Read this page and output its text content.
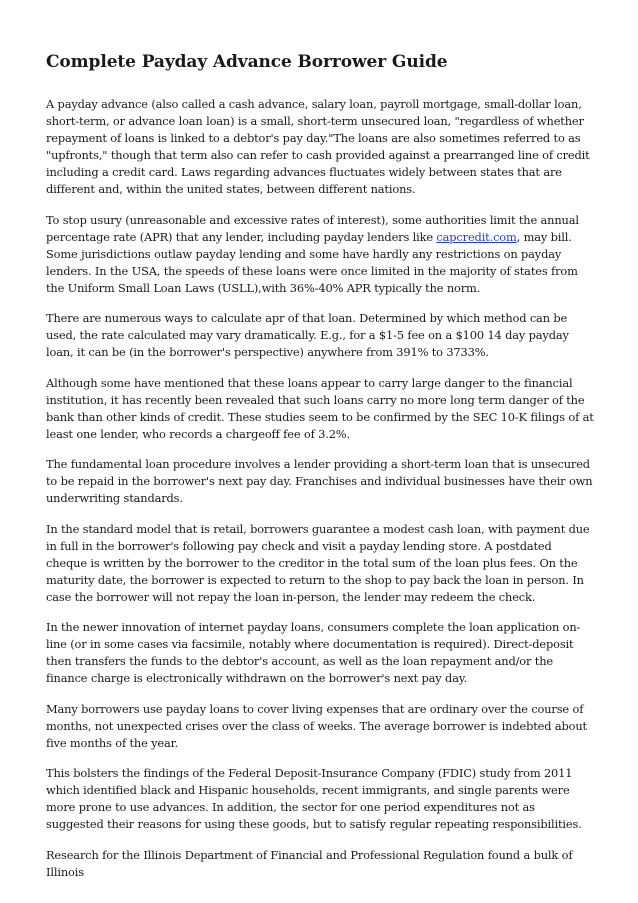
Complete Payday Advance Borrower Guide

A payday advance (also called a cash advance, salary loan, payroll mortgage, small-dollar loan, short-term, or advance loan loan) is a small, short-term unsecured loan, "regardless of whether repayment of loans is linked to a debtor's pay day."The loans are also sometimes referred to as "upfronts," though that term also can refer to cash provided against a prearranged line of credit including a credit card. Laws regarding advances fluctuates widely between states that are different and, within the united states, between different nations.

To stop usury (unreasonable and excessive rates of interest), some authorities limit the annual percentage rate (APR) that any lender, including payday lenders like capcredit.com, may bill. Some jurisdictions outlaw payday lending and some have hardly any restrictions on payday lenders. In the USA, the speeds of these loans were once limited in the majority of states from the Uniform Small Loan Laws (USLL),with 36%-40% APR typically the norm.

There are numerous ways to calculate apr of that loan. Determined by which method can be used, the rate calculated may vary dramatically. E.g., for a $1-5 fee on a $100 14 day payday loan, it can be (in the borrower's perspective) anywhere from 391% to 3733%.

Although some have mentioned that these loans appear to carry large danger to the financial institution, it has recently been revealed that such loans carry no more long term danger of the bank than other kinds of credit. These studies seem to be confirmed by the SEC 10-K filings of at least one lender, who records a chargeoff fee of 3.2%.

The fundamental loan procedure involves a lender providing a short-term loan that is unsecured to be repaid in the borrower's next pay day. Franchises and individual businesses have their own underwriting standards.

In the standard model that is retail, borrowers guarantee a modest cash loan, with payment due in full in the borrower's following pay check and visit a payday lending store. A postdated cheque is written by the borrower to the creditor in the total sum of the loan plus fees. On the maturity date, the borrower is expected to return to the shop to pay back the loan in person. In case the borrower will not repay the loan in-person, the lender may redeem the check.

In the newer innovation of internet payday loans, consumers complete the loan application on-line (or in some cases via facsimile, notably where documentation is required). Direct-deposit then transfers the funds to the debtor's account, as well as the loan repayment and/or the finance charge is electronically withdrawn on the borrower's next pay day.

Many borrowers use payday loans to cover living expenses that are ordinary over the course of months, not unexpected crises over the class of weeks. The average borrower is indebted about five months of the year.

This bolsters the findings of the Federal Deposit-Insurance Company (FDIC) study from 2011 which identified black and Hispanic households, recent immigrants, and single parents were more prone to use advances. In addition, the sector for one period expenditures not as suggested their reasons for using these goods, but to satisfy regular repeating responsibilities.

Research for the Illinois Department of Financial and Professional Regulation found a bulk of Illinois
